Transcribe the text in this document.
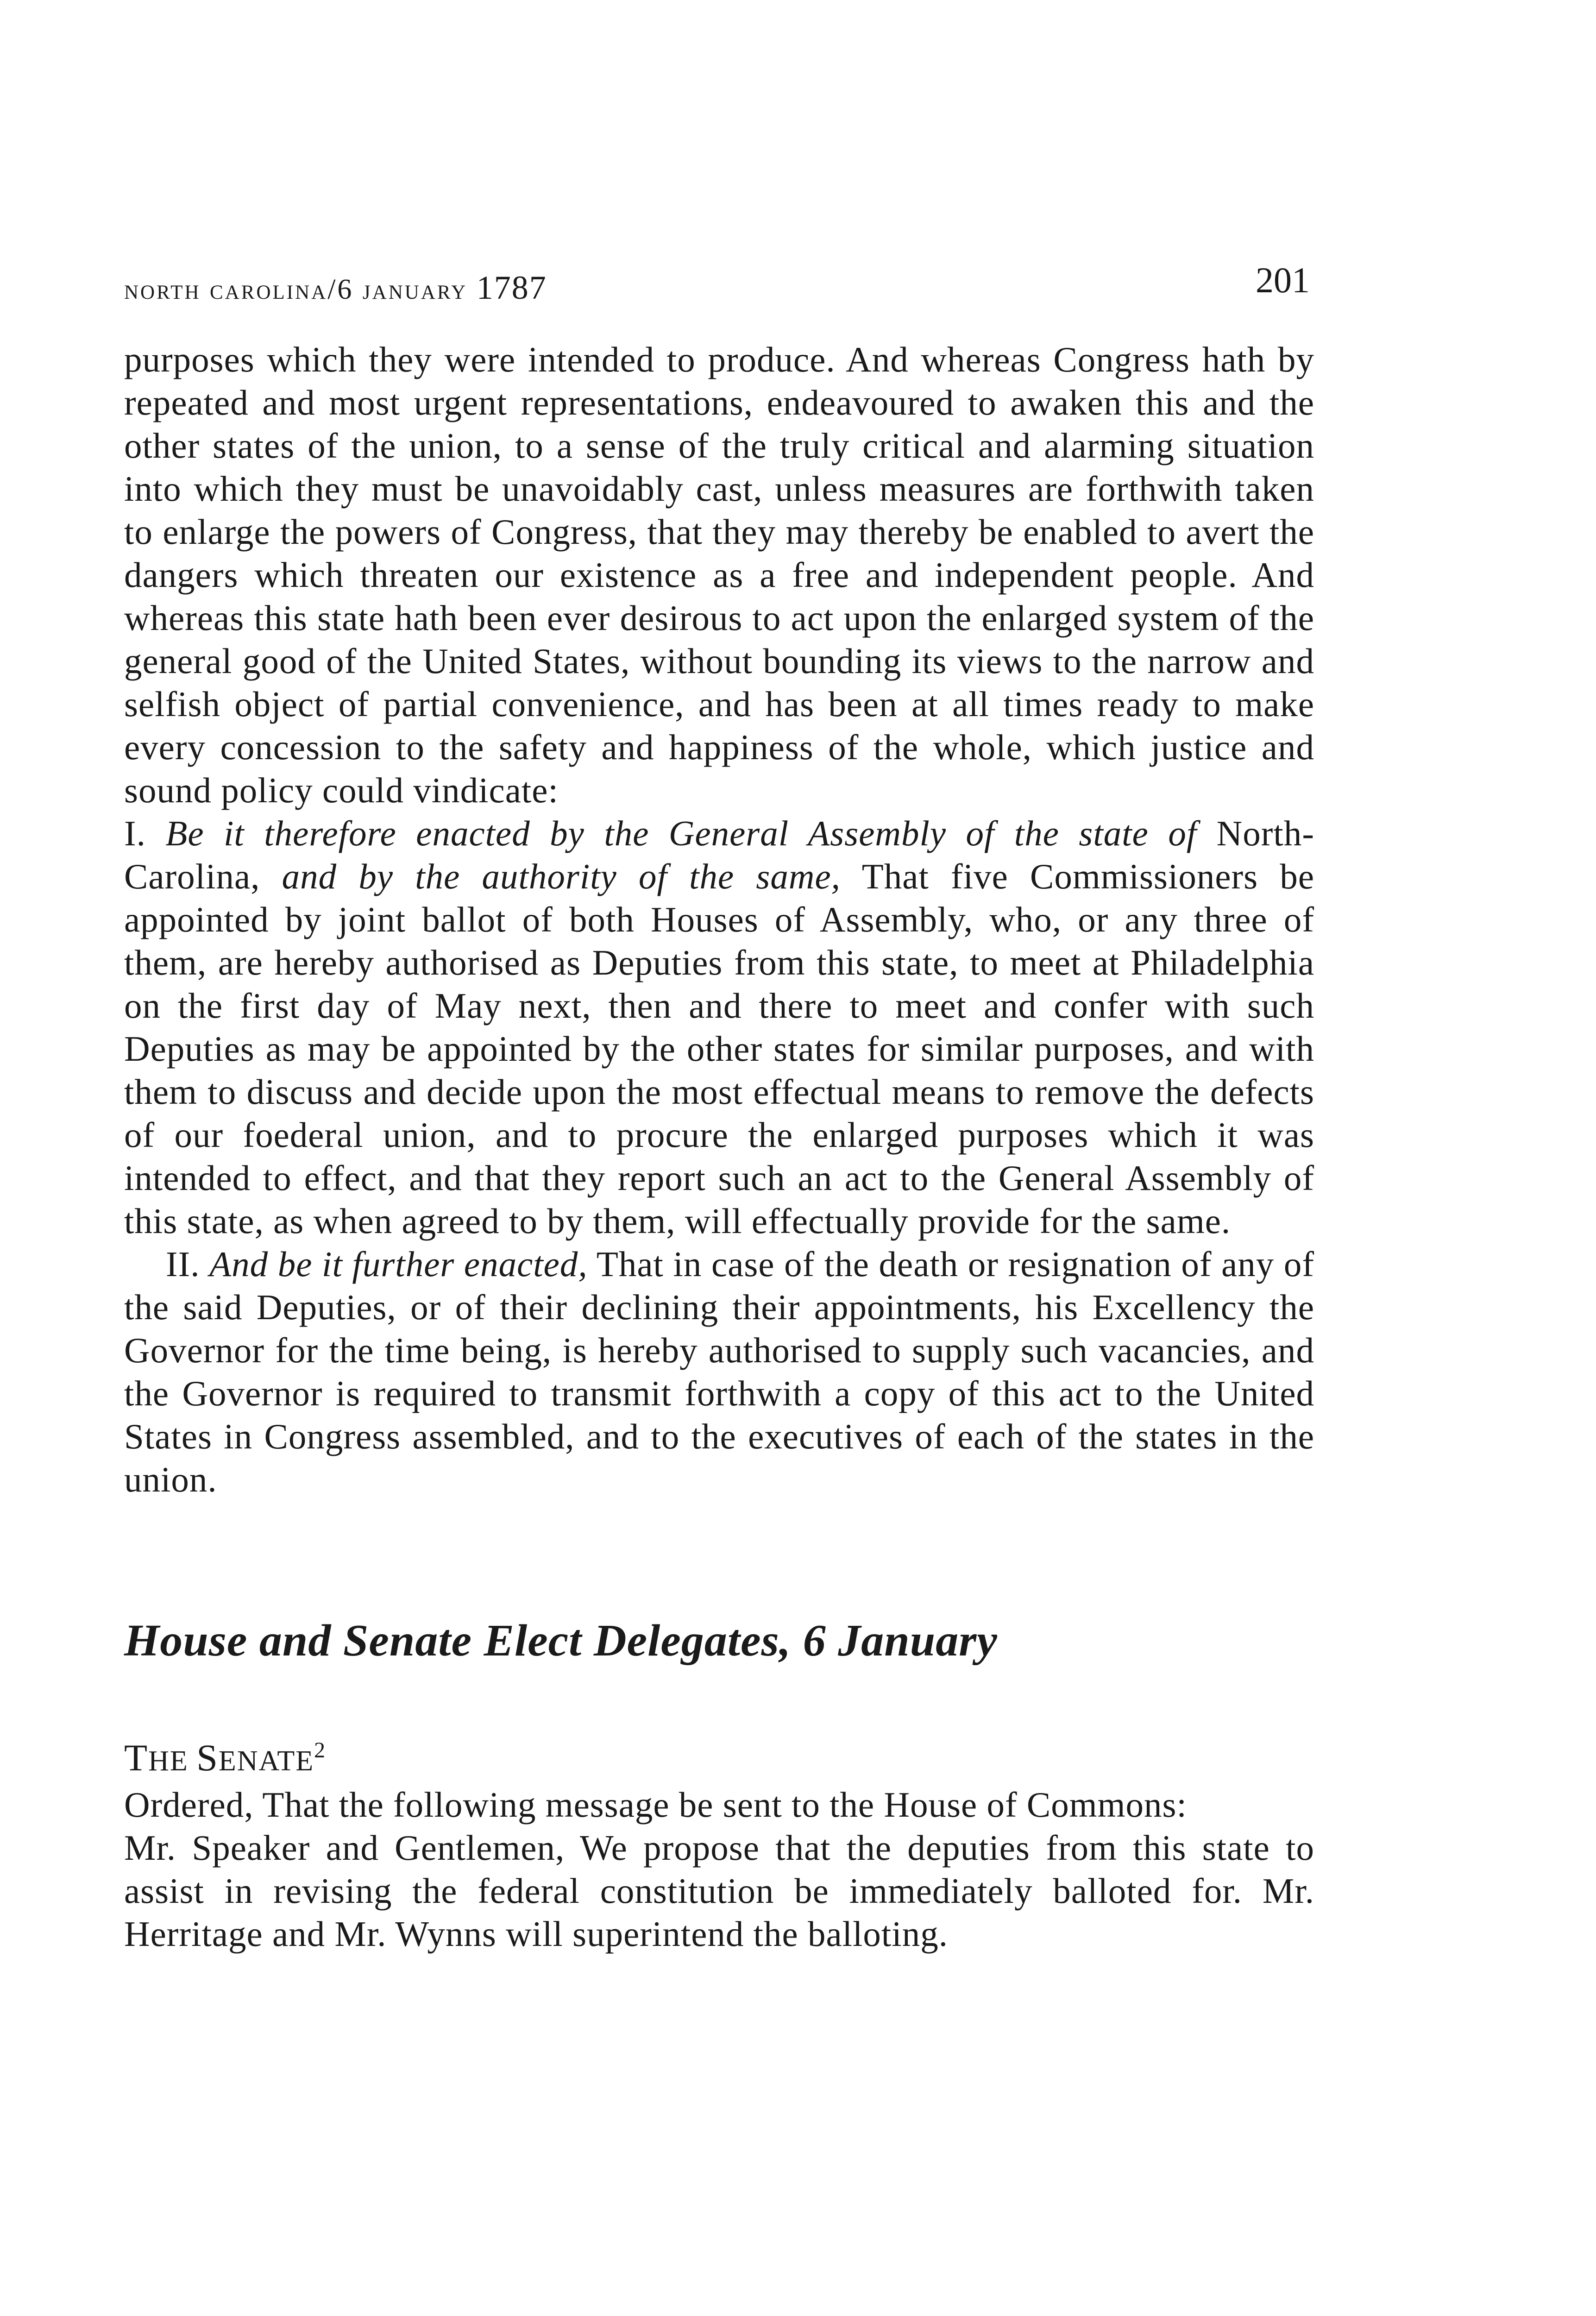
north carolina/6 january 1787	201

purposes which they were intended to produce. And whereas Congress hath by repeated and most urgent representations, endeavoured to awaken this and the other states of the union, to a sense of the truly critical and alarming situation into which they must be unavoidably cast, unless measures are forthwith taken to enlarge the powers of Congress, that they may thereby be enabled to avert the dangers which threaten our existence as a free and independent people. And whereas this state hath been ever desirous to act upon the enlarged system of the general good of the United States, without bounding its views to the narrow and selfish object of partial convenience, and has been at all times ready to make every concession to the safety and happiness of the whole, which justice and sound policy could vindicate:

I. Be it therefore enacted by the General Assembly of the state of North-Carolina, and by the authority of the same, That five Commissioners be appointed by joint ballot of both Houses of Assembly, who, or any three of them, are hereby authorised as Deputies from this state, to meet at Philadelphia on the first day of May next, then and there to meet and confer with such Deputies as may be appointed by the other states for similar purposes, and with them to discuss and decide upon the most effectual means to remove the defects of our foederal union, and to procure the enlarged purposes which it was intended to effect, and that they report such an act to the General Assembly of this state, as when agreed to by them, will effectually provide for the same.

II. And be it further enacted, That in case of the death or resignation of any of the said Deputies, or of their declining their appointments, his Excellency the Governor for the time being, is hereby authorised to supply such vacancies, and the Governor is required to transmit forthwith a copy of this act to the United States in Congress assembled, and to the executives of each of the states in the union.

House and Senate Elect Delegates, 6 January
THE SENATE$^2$

Ordered, That the following message be sent to the House of Commons:

Mr. Speaker and Gentlemen, We propose that the deputies from this state to assist in revising the federal constitution be immediately balloted for. Mr. Herritage and Mr. Wynns will superintend the balloting.
